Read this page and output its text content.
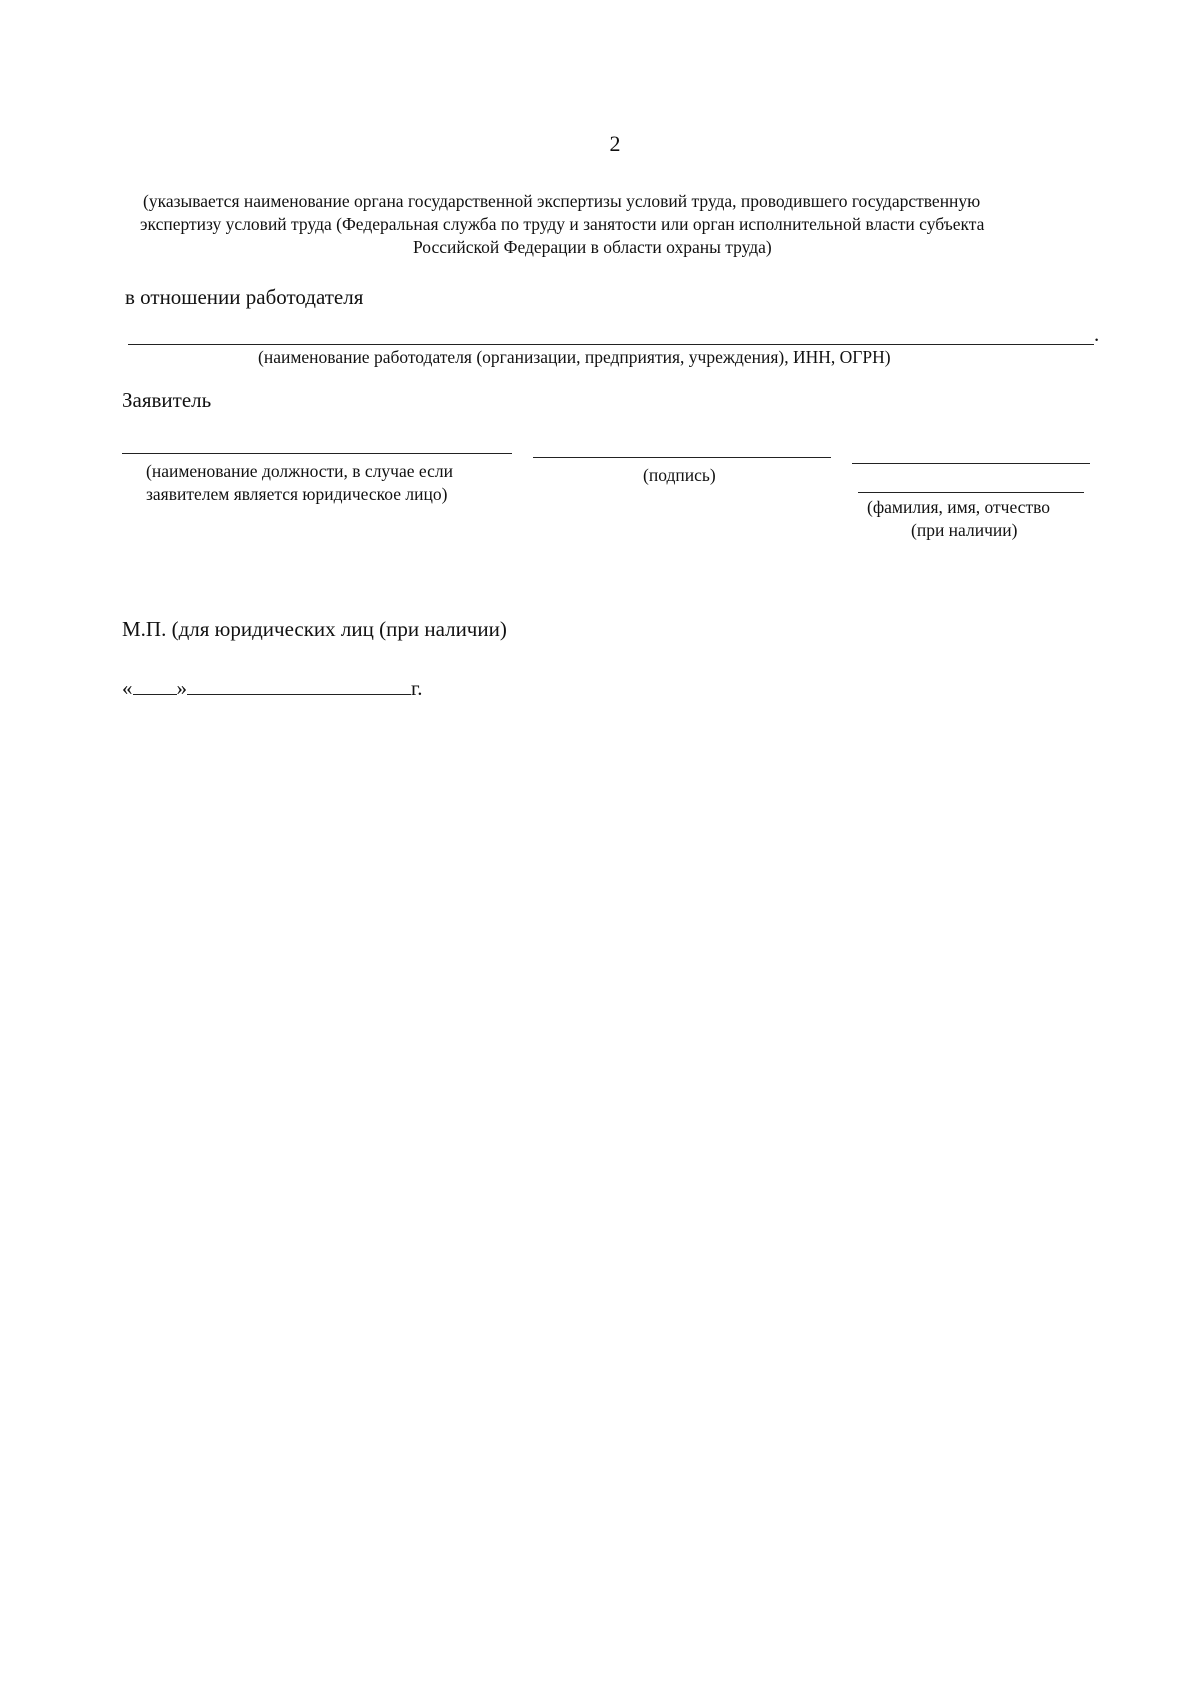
2
(указывается наименование органа государственной экспертизы условий труда, проводившего государственную
экспертизу условий труда (Федеральная служба по труду и занятости или орган исполнительной власти субъекта
Российской Федерации в области охраны труда)
в отношении работодателя
.
(наименование работодателя (организации, предприятия, учреждения), ИНН, ОГРН)
Заявитель
(наименование должности, в случае если
заявителем является юридическое лицо)
(подпись)
(фамилия, имя, отчество
(при наличии)
М.П. (для юридических лиц (при наличии)
« »	г.
